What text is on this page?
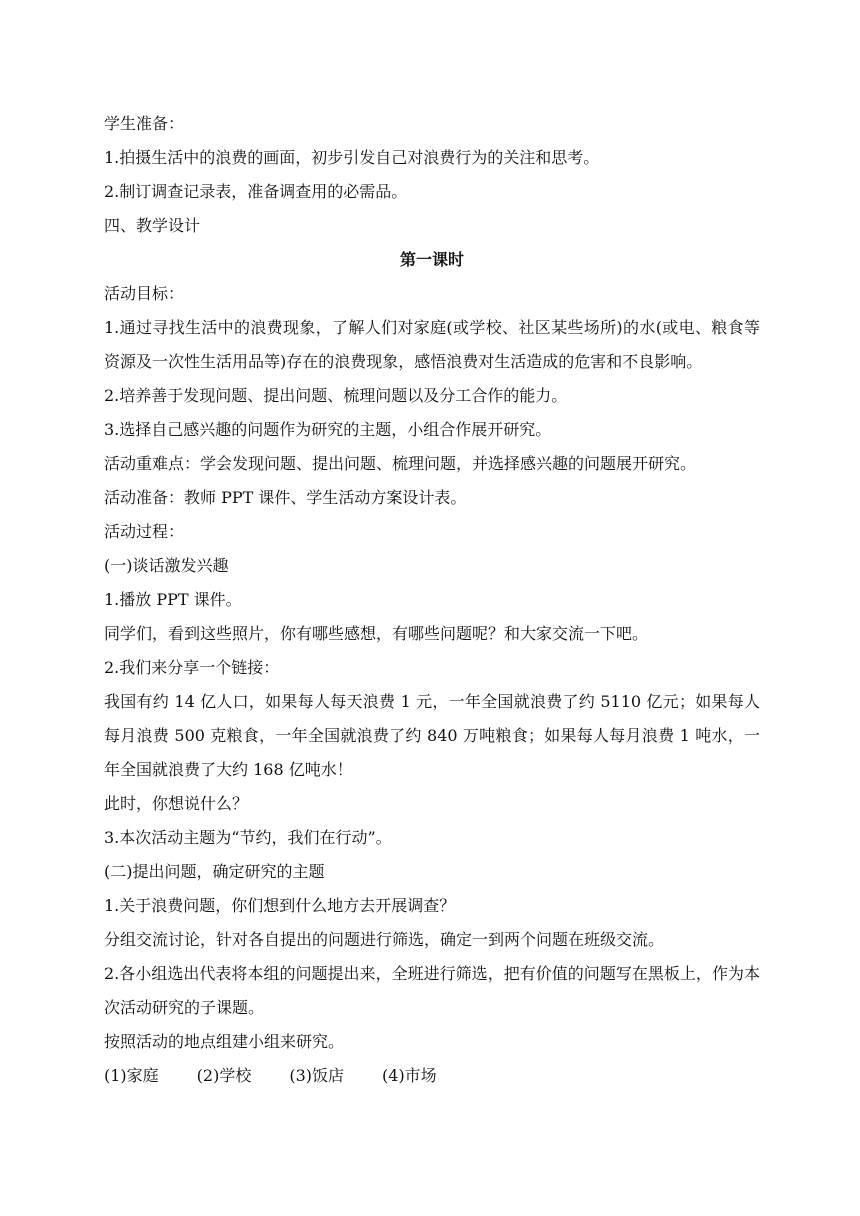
学生准备：
1.拍摄生活中的浪费的画面，初步引发自己对浪费行为的关注和思考。
2.制订调查记录表，准备调查用的必需品。
四、教学设计
第一课时
活动目标：
1.通过寻找生活中的浪费现象，了解人们对家庭(或学校、社区某些场所)的水(或电、粮食等资源及一次性生活用品等)存在的浪费现象，感悟浪费对生活造成的危害和不良影响。
2.培养善于发现问题、提出问题、梳理问题以及分工合作的能力。
3.选择自己感兴趣的问题作为研究的主题，小组合作展开研究。
活动重难点：学会发现问题、提出问题、梳理问题，并选择感兴趣的问题展开研究。
活动准备：教师 PPT 课件、学生活动方案设计表。
活动过程：
(一)谈话激发兴趣
1.播放 PPT 课件。
同学们，看到这些照片，你有哪些感想，有哪些问题呢？和大家交流一下吧。
2.我们来分享一个链接：
我国有约 14 亿人口，如果每人每天浪费 1 元，一年全国就浪费了约 5110 亿元；如果每人每月浪费 500 克粮食，一年全国就浪费了约 840 万吨粮食；如果每人每月浪费 1 吨水，一年全国就浪费了大约 168 亿吨水！
此时，你想说什么？
3.本次活动主题为“节约，我们在行动”。
(二)提出问题，确定研究的主题
1.关于浪费问题，你们想到什么地方去开展调查？
分组交流讨论，针对各自提出的问题进行筛选，确定一到两个问题在班级交流。
2.各小组选出代表将本组的问题提出来，全班进行筛选，把有价值的问题写在黑板上，作为本次活动研究的子课题。
按照活动的地点组建小组来研究。
(1)家庭 (2)学校 (3)饭店 (4)市场
